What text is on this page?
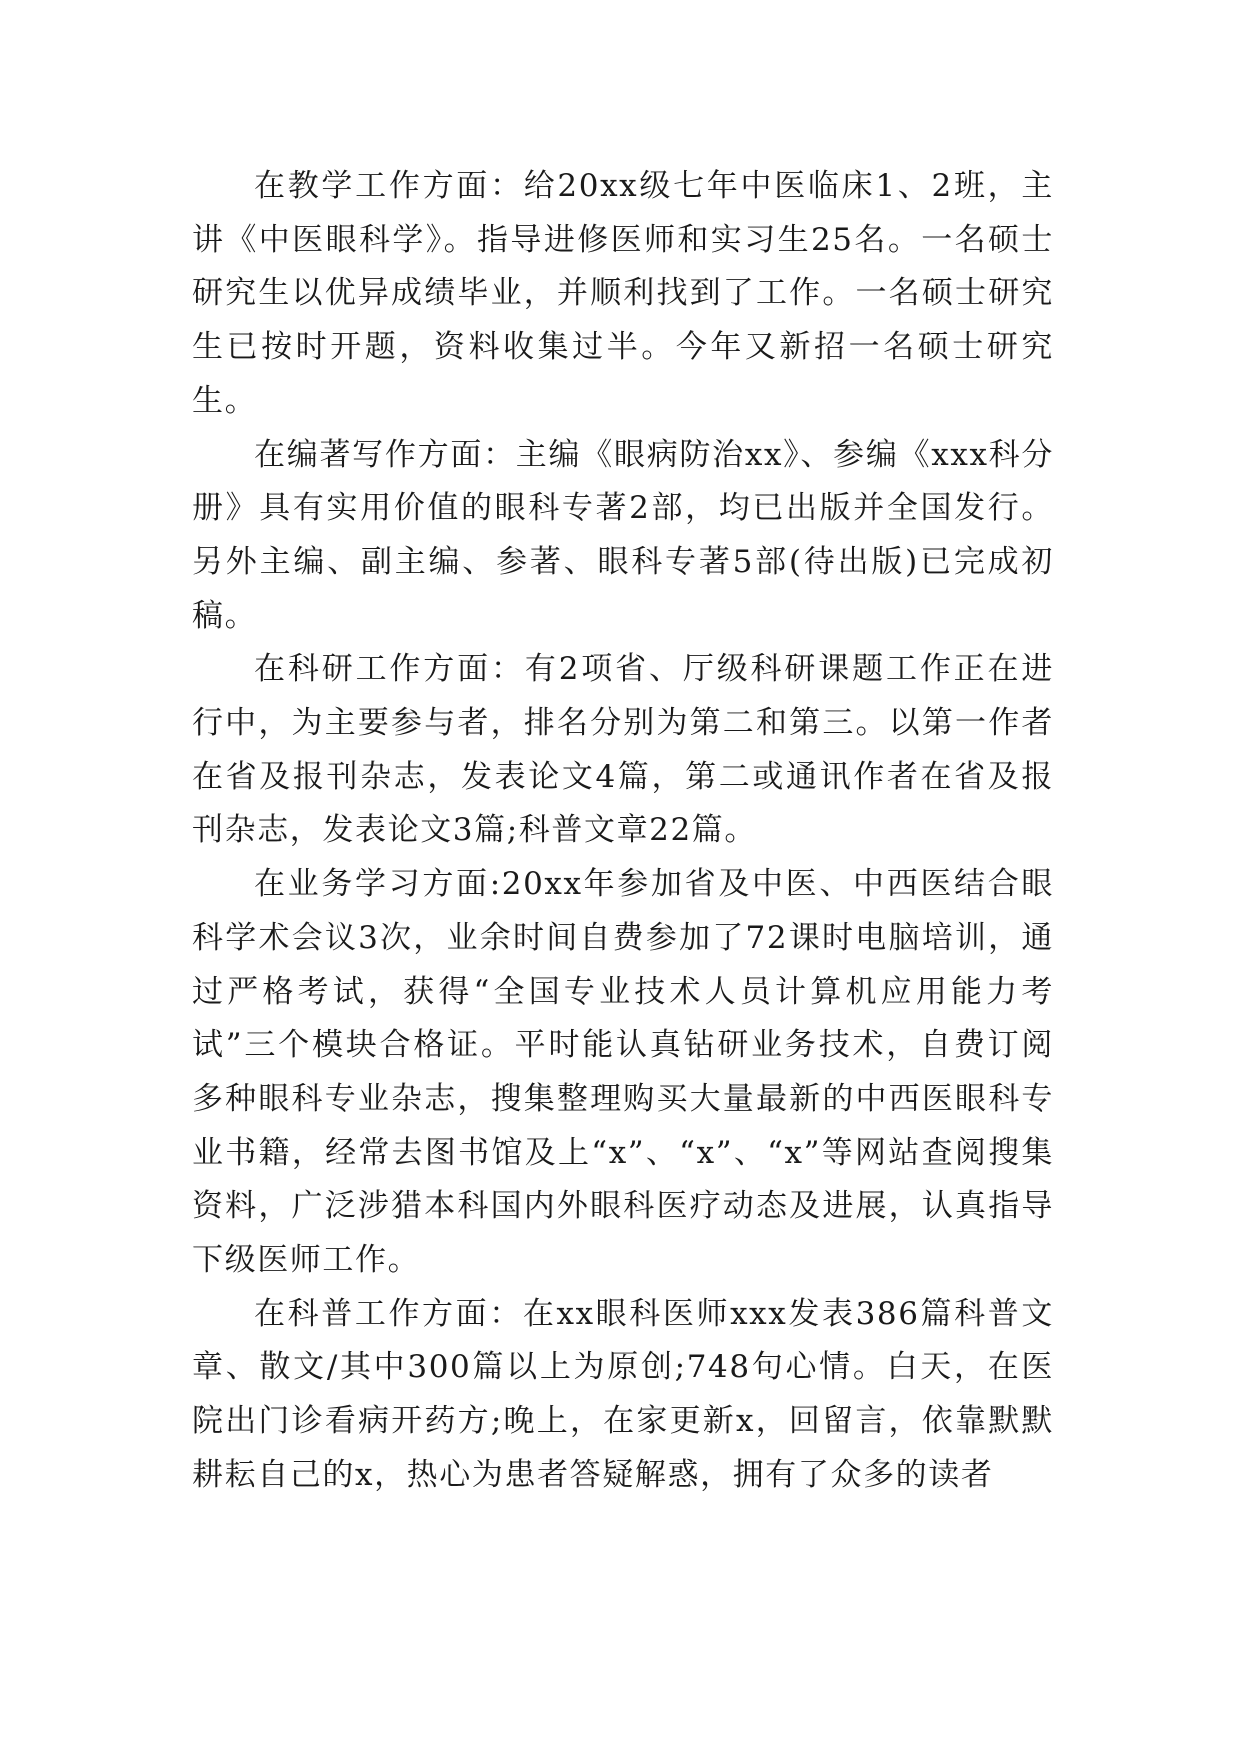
在教学工作方面：给20xx级七年中医临床1、2班，主讲《中医眼科学》。指导进修医师和实习生25名。一名硕士研究生以优异成绩毕业，并顺利找到了工作。一名硕士研究生已按时开题，资料收集过半。今年又新招一名硕士研究生。

在编著写作方面：主编《眼病防治xx》、参编《xxx科分册》具有实用价值的眼科专著2部，均已出版并全国发行。另外主编、副主编、参著、眼科专著5部(待出版)已完成初稿。

在科研工作方面：有2项省、厅级科研课题工作正在进行中，为主要参与者，排名分别为第二和第三。以第一作者在省及报刊杂志，发表论文4篇，第二或通讯作者在省及报刊杂志，发表论文3篇;科普文章22篇。

在业务学习方面:20xx年参加省及中医、中西医结合眼科学术会议3次，业余时间自费参加了72课时电脑培训，通过严格考试，获得“全国专业技术人员计算机应用能力考试”三个模块合格证。平时能认真钻研业务技术，自费订阅多种眼科专业杂志，搜集整理购买大量最新的中西医眼科专业书籍，经常去图书馆及上“x”、“x”、“x”等网站查阅搜集资料，广泛涉猎本科国内外眼科医疗动态及进展，认真指导下级医师工作。

在科普工作方面：在xx眼科医师xxx发表386篇科普文章、散文/其中300篇以上为原创;748句心情。白天，在医院出门诊看病开药方;晚上，在家更新x，回留言，依靠默默耕耘自己的x，热心为患者答疑解惑，拥有了众多的读者
